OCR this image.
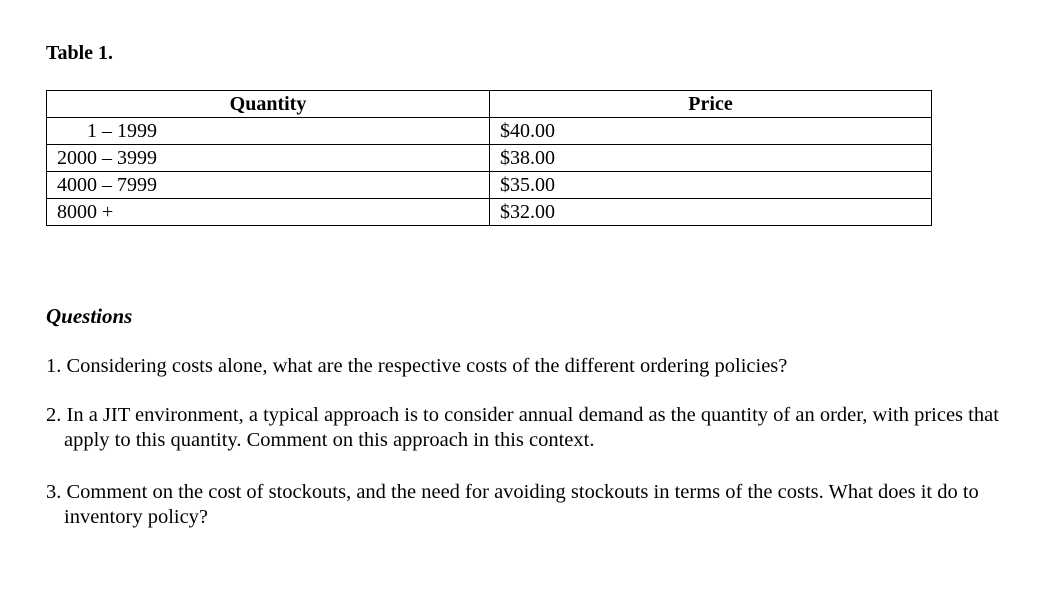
Table 1.
Quantity	Price
1 – 1999	$40.00
2000 – 3999	$38.00
4000 – 7999	$35.00
8000 +	$32.00
Questions
1. Considering costs alone, what are the respective costs of the different ordering policies?
2. In a JIT environment, a typical approach is to consider annual demand as the quantity of an order, with prices that apply to this quantity. Comment on this approach in this context.
3. Comment on the cost of stockouts, and the need for avoiding stockouts in terms of the costs. What does it do to inventory policy?
